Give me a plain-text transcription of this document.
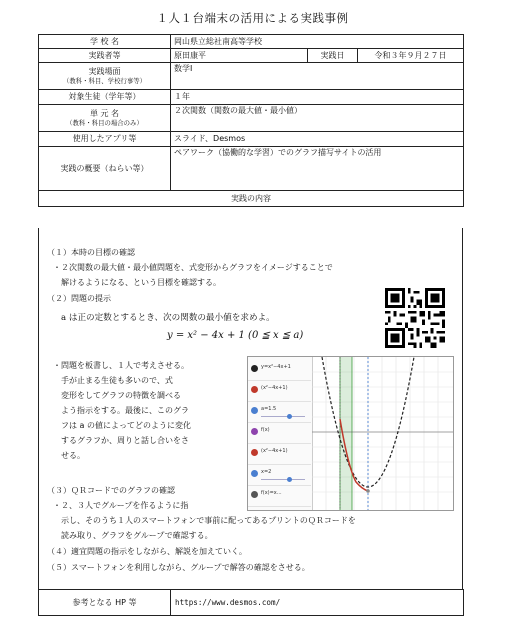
１人１台端末の活用による実践事例
学 校 名	岡山県立総社南高等学校		
実践者等	原田康平	実践日	令和３年９月２７日
実践場面
（教科・科目、学校行事等）	数学Ⅰ		
対象生徒（学年等）	１年		
単 元 名
（教科・科目の場合のみ）	２次関数（関数の最大値・最小値）		
使用したアプリ等	スライド、Desmos		
実践の概要（ねらい等）	ペアワーク（協働的な学習）でのグラフ描写サイトの活用		
実践の内容			
（１）本時の目標の確認
・２次関数の最大値・最小値問題を、式変形からグラフをイメージすることで
解けるようになる、という目標を確認する。
（２）問題の提示
a は正の定数とするとき、次の関数の最小値を求めよ。
y = x² − 4x + 1 (0 ≦ x ≦ a)
・問題を板書し、１人で考えさせる。
手が止まる生徒も多いので、式
変形をしてグラフの特徴を調べる
よう指示をする。最後に、このグラ
フは a の値によってどのように変化
するグラフか、周りと話し合いをさ
せる。
y=x²−4x+1
(x²−4x+1)
a=1.5
f(x)
(x²−4x+1)
x=2
f(x)=x...
（３）ＱＲコードでのグラフの確認
・２、３人でグループを作るように指
示し、そのうち１人のスマートフォンで事前に配ってあるプリントのＱＲコードを
読み取り、グラフをグループで確認する。
（４）適宜問題の指示をしながら、解説を加えていく。
（５）スマートフォンを利用しながら、グループで解答の確認をさせる。
参考となる HP 等	https://www.desmos.com/
